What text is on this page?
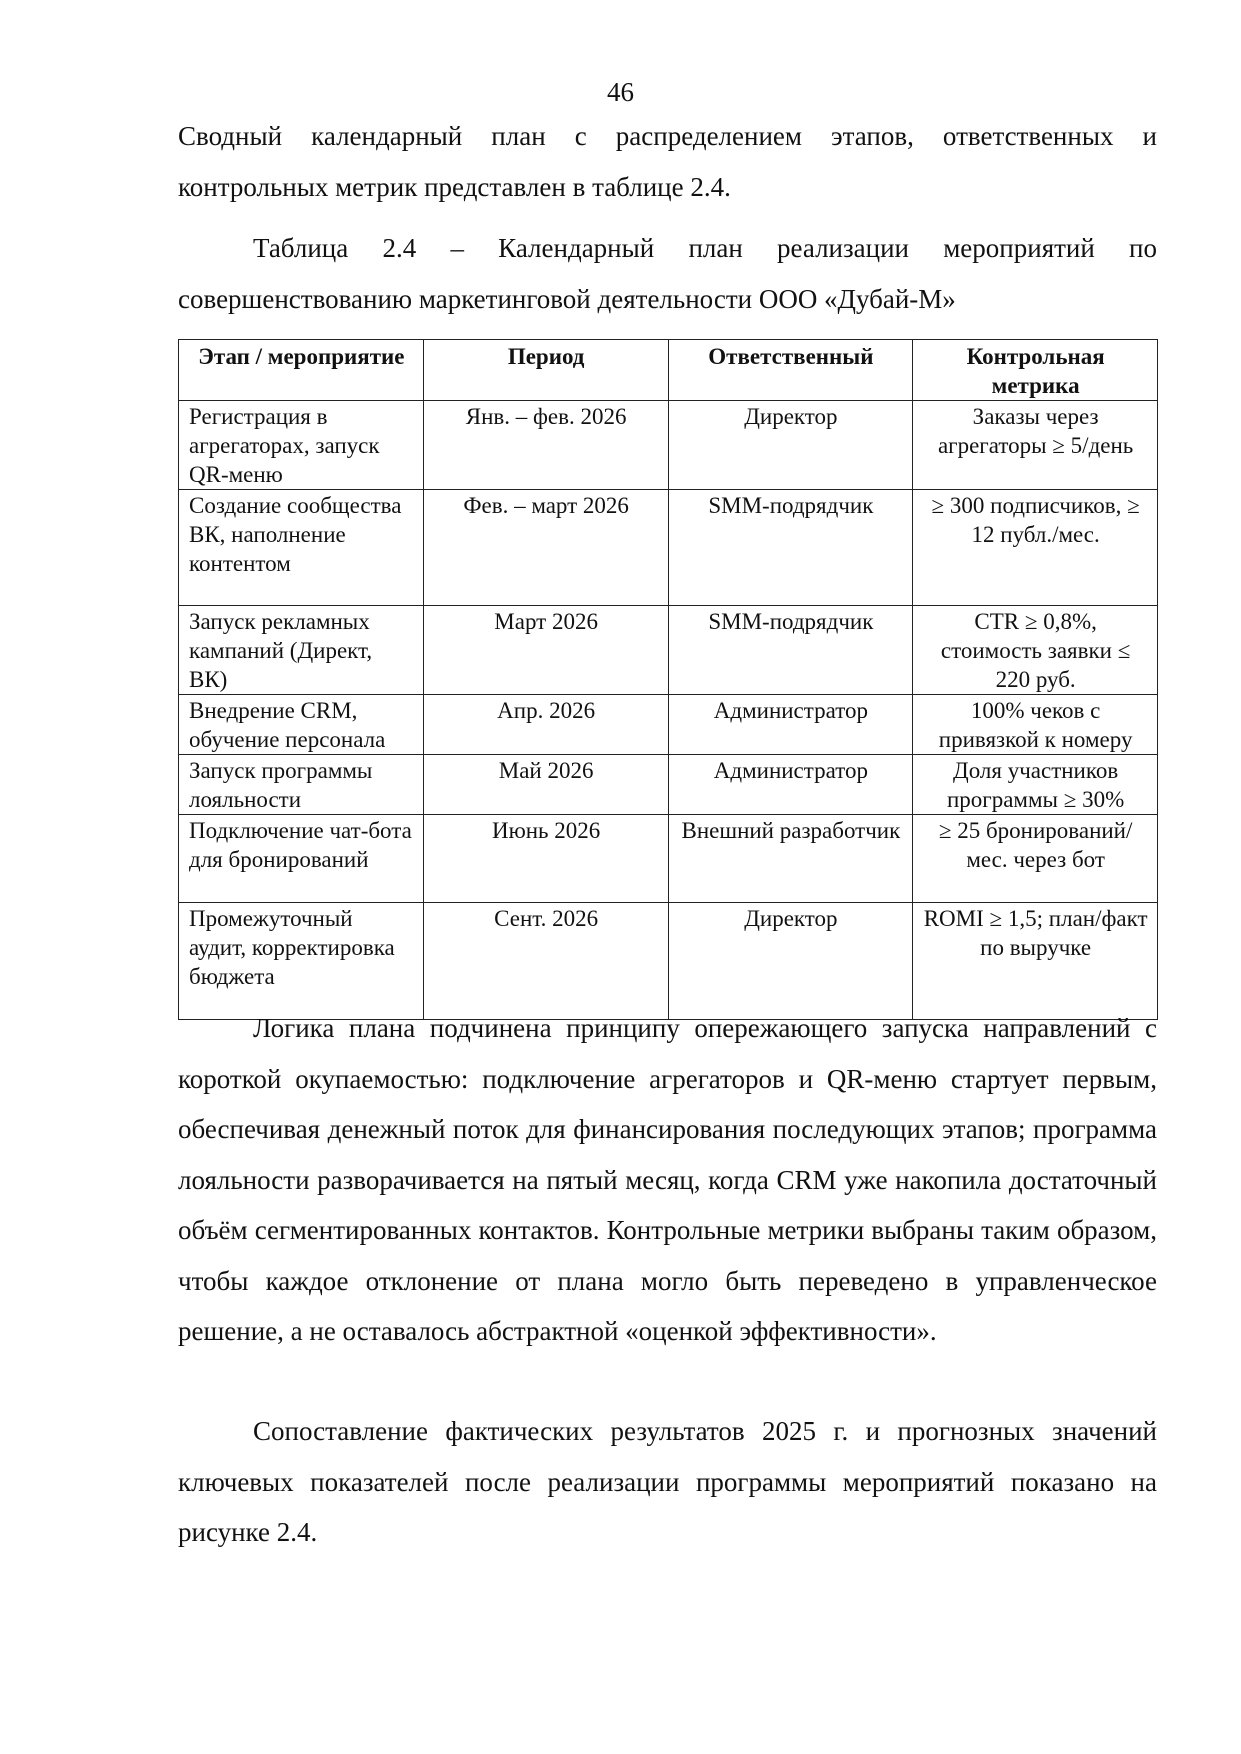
46

Сводный календарный план с распределением этапов, ответственных и контрольных метрик представлен в таблице 2.4.

Таблица 2.4 – Календарный план реализации мероприятий по совершенствованию маркетинговой деятельности ООО «Дубай-М»

Этап / мероприятие	Период	Ответственный	Контрольная метрика
Регистрация в агрегаторах, запуск QR-меню	Янв. – фев. 2026	Директор	Заказы через агрегаторы ≥ 5/день
Создание сообщества ВК, наполнение контентом	Фев. – март 2026	SMM-подрядчик	≥ 300 подписчиков, ≥ 12 публ./мес.
Запуск рекламных кампаний (Директ, ВК)	Март 2026	SMM-подрядчик	CTR ≥ 0,8%, стоимость заявки ≤ 220 руб.
Внедрение CRM, обучение персонала	Апр. 2026	Администратор	100% чеков с привязкой к номеру
Запуск программы лояльности	Май 2026	Администратор	Доля участников программы ≥ 30%
Подключение чат-бота для бронирований	Июнь 2026	Внешний разработчик	≥ 25 бронирований/мес. через бот
Промежуточный аудит, корректировка бюджета	Сент. 2026	Директор	ROMI ≥ 1,5; план/факт по выручке

Логика плана подчинена принципу опережающего запуска направлений с короткой окупаемостью: подключение агрегаторов и QR-меню стартует первым, обеспечивая денежный поток для финансирования последующих этапов; программа лояльности разворачивается на пятый месяц, когда CRM уже накопила достаточный объём сегментированных контактов. Контрольные метрики выбраны таким образом, чтобы каждое отклонение от плана могло быть переведено в управленческое решение, а не оставалось абстрактной «оценкой эффективности».

Сопоставление фактических результатов 2025 г. и прогнозных значений ключевых показателей после реализации программы мероприятий показано на рисунке 2.4.
